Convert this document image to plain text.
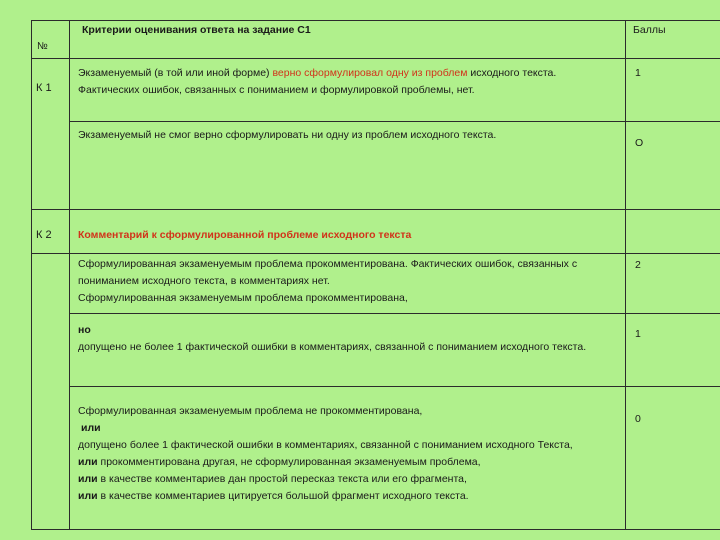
№
Критерии оценивания ответа на задание С1	Баллы
К 1
Экзаменуемый (в той или иной форме) верно сформулировал одну из проблем исходного текста. Фактических ошибок, связанных с пониманием и формулировкой проблемы, нет.
1
Экзаменуемый не смог верно сформулировать ни одну из проблем исходного текста.
О
К 2	Комментарий к сформулированной проблеме исходного текста
Сформулированная экзаменуемым проблема прокомментирована. Фактических ошибок, связанных с пониманием исходного текста, в комментариях нет.
Сформулированная экзаменуемым проблема прокомментирована,
2
но
допущено не более 1 фактической ошибки в комментариях, связанной с пониманием исходного текста.
1
Сформулированная экзаменуемым проблема не прокомментирована,
или
допущено более 1 фактической ошибки в комментариях, связанной с пониманием исходного Текста,
или прокомментирована другая, не сформулированная экзаменуемым проблема,
или в качестве комментариев дан простой пересказ текста или его фрагмента,
или в качестве комментариев цитируется большой фрагмент исходного текста.
0
